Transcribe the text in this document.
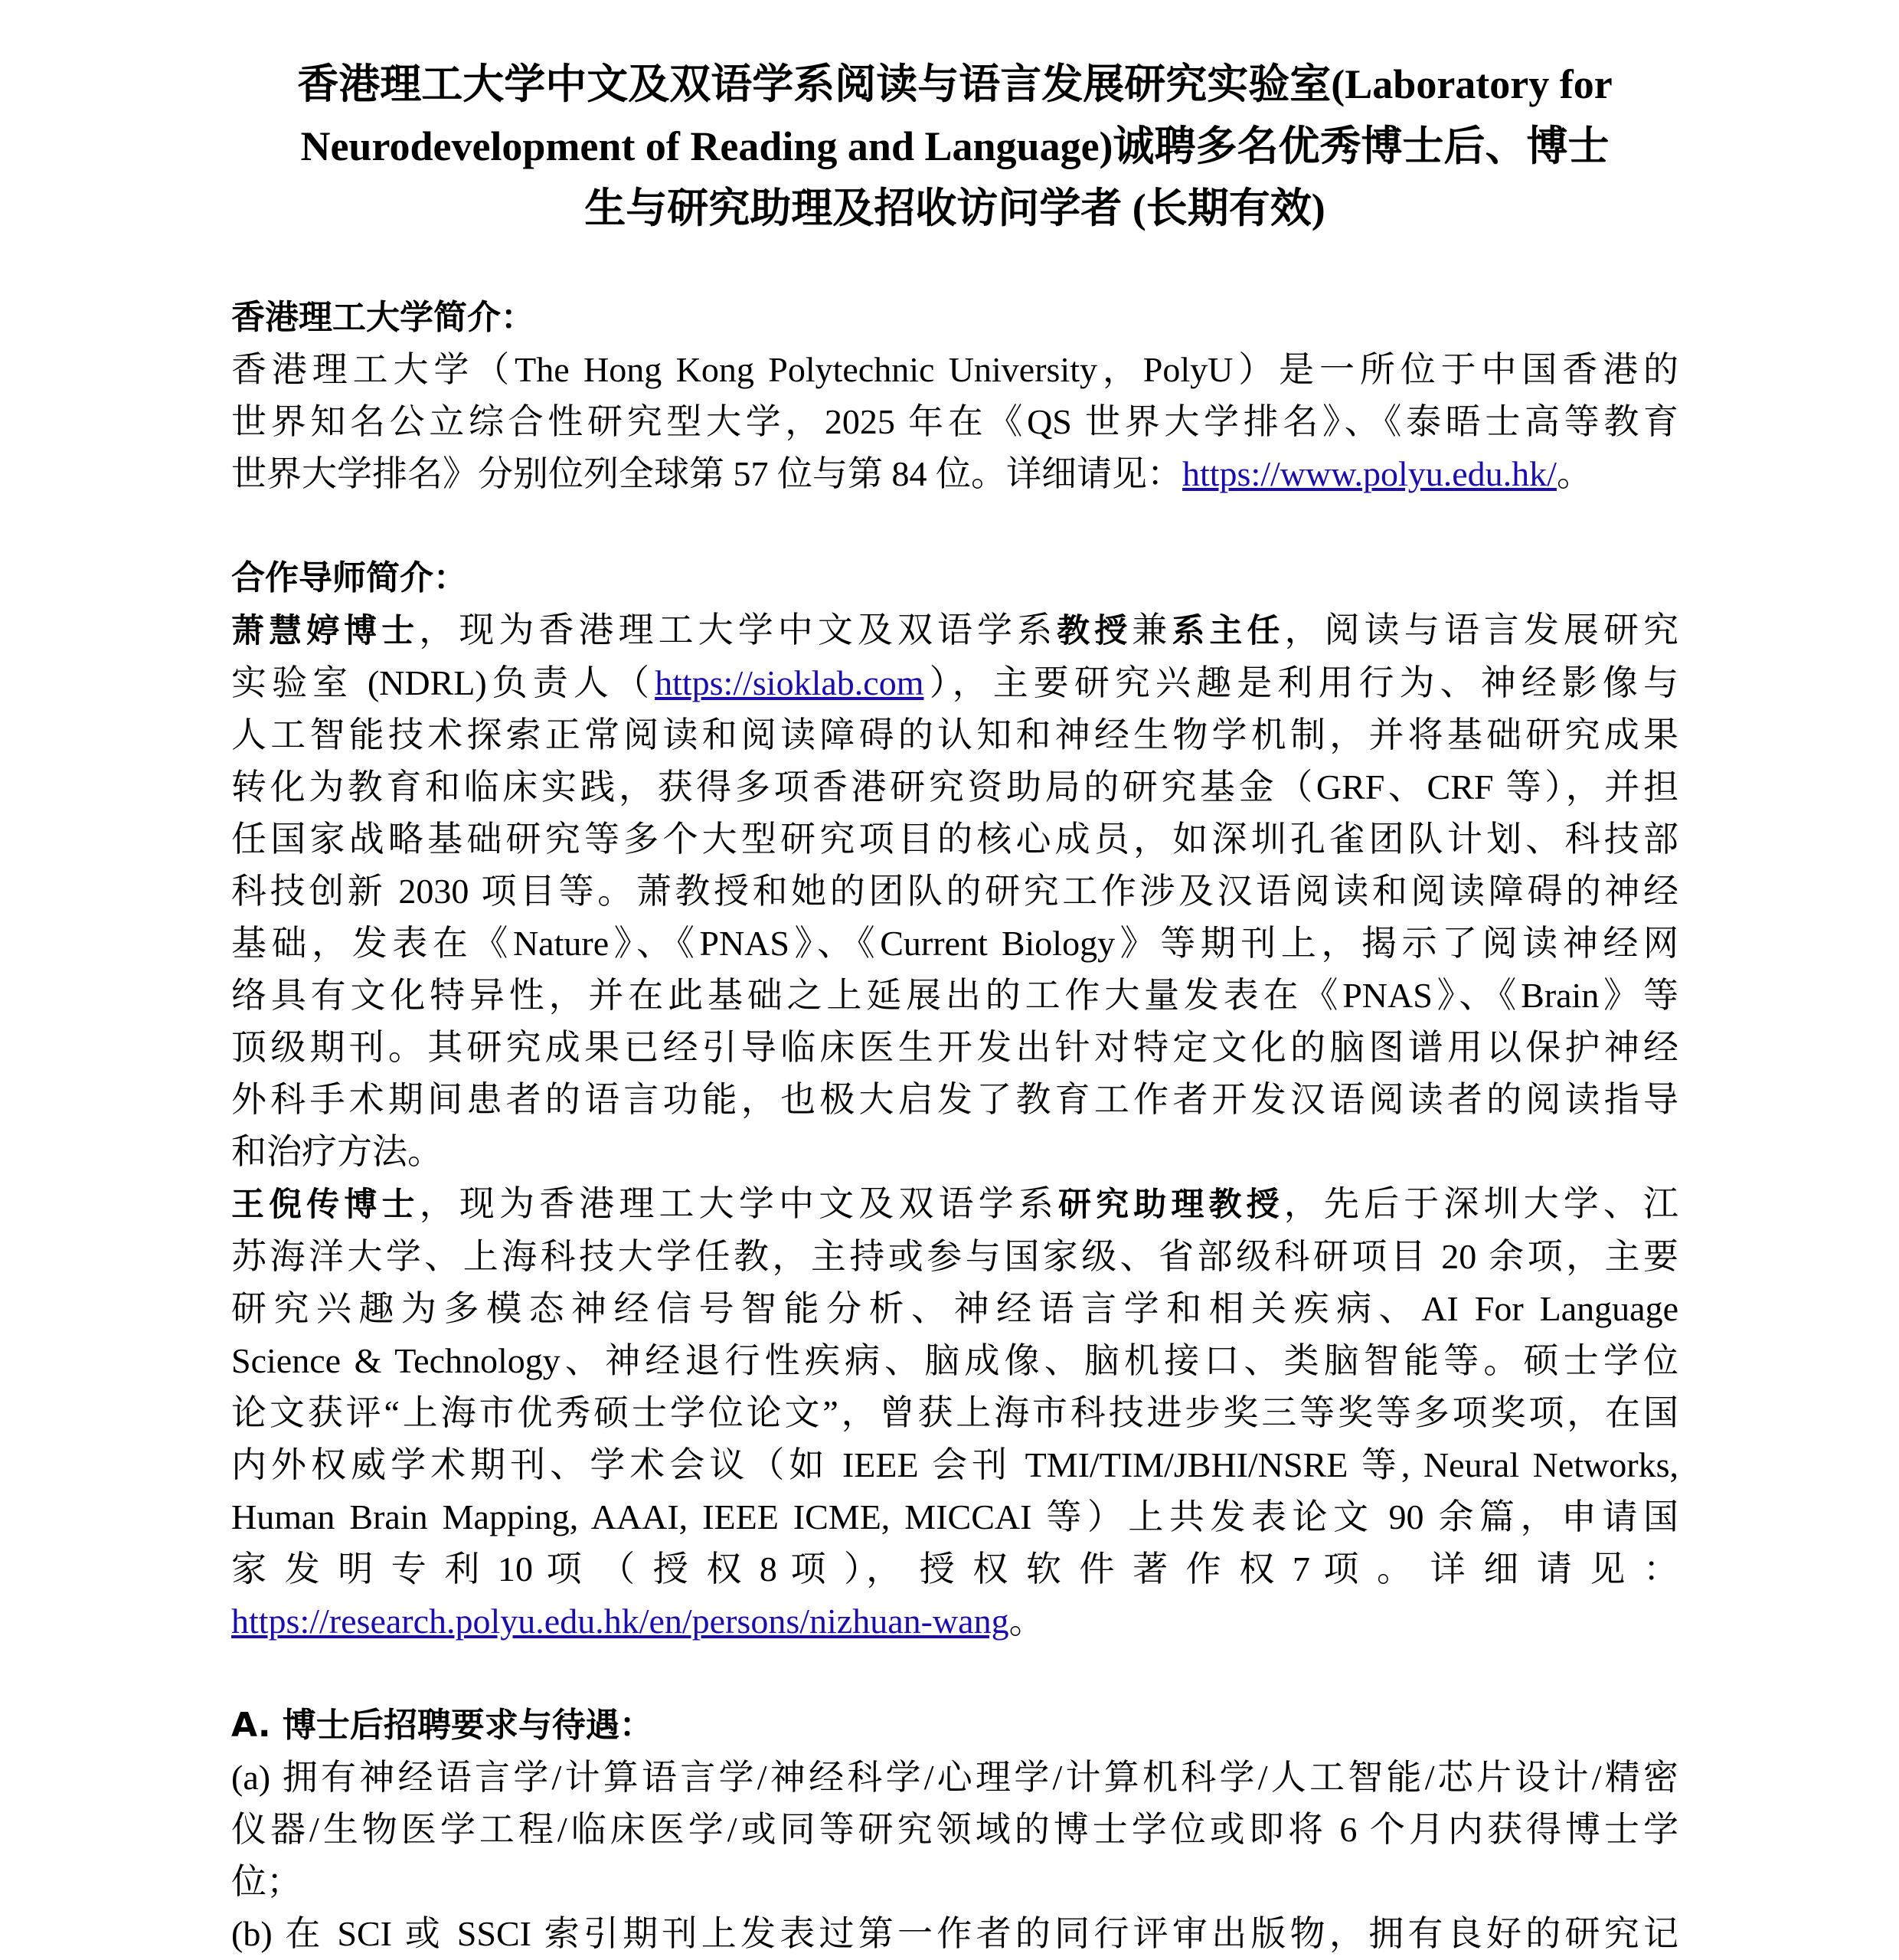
香港理工大学中文及双语学系阅读与语言发展研究实验室(Laboratory for
Neurodevelopment of Reading and Language)诚聘多名优秀博士后、博士
生与研究助理及招收访问学者 (长期有效)
香港理工大学简介：
香港理工大学（The Hong Kong Polytechnic University，PolyU）是一所位于中国香港的
世界知名公立综合性研究型大学，2025 年在《QS 世界大学排名》、《泰晤士高等教育
世界大学排名》分别位列全球第 57 位与第 84 位。详细请见：https://www.polyu.edu.hk/。
合作导师简介：
萧慧婷博士，现为香港理工大学中文及双语学系教授兼系主任，阅读与语言发展研究
实验室 (NDRL)负责人（https://sioklab.com），主要研究兴趣是利用行为、神经影像与
人工智能技术探索正常阅读和阅读障碍的认知和神经生物学机制，并将基础研究成果
转化为教育和临床实践，获得多项香港研究资助局的研究基金（GRF、CRF 等），并担
任国家战略基础研究等多个大型研究项目的核心成员，如深圳孔雀团队计划、科技部
科技创新 2030 项目等。萧教授和她的团队的研究工作涉及汉语阅读和阅读障碍的神经
基础，发表在《Nature》、《PNAS》、《Current Biology》等期刊上，揭示了阅读神经网
络具有文化特异性，并在此基础之上延展出的工作大量发表在《PNAS》、《Brain》等
顶级期刊。其研究成果已经引导临床医生开发出针对特定文化的脑图谱用以保护神经
外科手术期间患者的语言功能，也极大启发了教育工作者开发汉语阅读者的阅读指导
和治疗方法。
王倪传博士，现为香港理工大学中文及双语学系研究助理教授，先后于深圳大学、江
苏海洋大学、上海科技大学任教，主持或参与国家级、省部级科研项目 20 余项，主要
研究兴趣为多模态神经信号智能分析、神经语言学和相关疾病、AI For Language
Science & Technology、神经退行性疾病、脑成像、脑机接口、类脑智能等。硕士学位
论文获评“上海市优秀硕士学位论文”，曾获上海市科技进步奖三等奖等多项奖项，在国
内外权威学术期刊、学术会议（如 IEEE 会刊 TMI/TIM/JBHI/NSRE 等, Neural Networks,
Human Brain Mapping, AAAI, IEEE ICME, MICCAI 等）上共发表论文 90 余篇，申请国
家 发 明 专 利 10 项 （ 授 权 8 项 ）， 授 权 软 件 著 作 权 7 项 。 详 细 请 见 ：
https://research.polyu.edu.hk/en/persons/nizhuan-wang。
A. 博士后招聘要求与待遇：
(a) 拥有神经语言学/计算语言学/神经科学/心理学/计算机科学/人工智能/芯片设计/精密
仪器/生物医学工程/临床医学/或同等研究领域的博士学位或即将 6 个月内获得博士学
位；
(b) 在 SCI 或 SSCI 索引期刊上发表过第一作者的同行评审出版物，拥有良好的研究记
